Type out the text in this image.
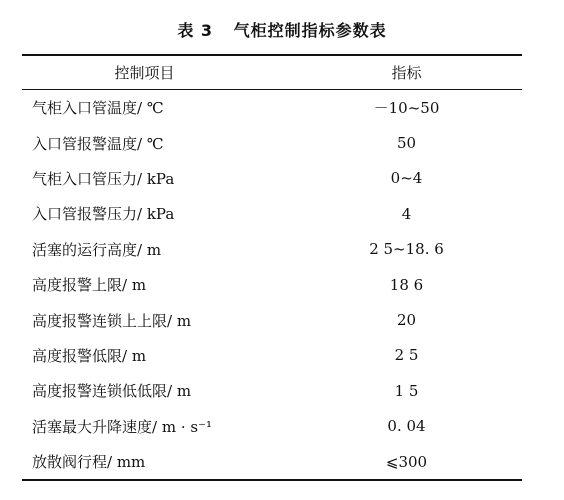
表 3 气柜控制指标参数表
控制项目	指标
气柜入口管温度/ ℃	－10~50
入口管报警温度/ ℃	50
气柜入口管压力/ kPa	0~4
入口管报警压力/ kPa	4
活塞的运行高度/ m	2 5~18. 6
高度报警上限/ m	18 6
高度报警连锁上上限/ m	20
高度报警低限/ m	2 5
高度报警连锁低低限/ m	1 5
活塞最大升降速度/ m · s⁻¹	0. 04
放散阀行程/ mm	⩽300
